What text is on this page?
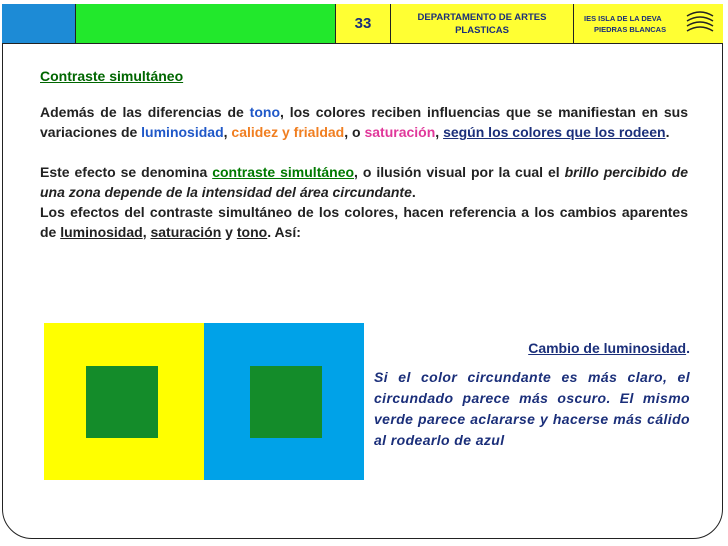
33	DEPARTAMENTO DE ARTES
PLASTICAS
IES ISLA DE LA DEVA
PIEDRAS BLANCAS
Contraste simultáneo

Además de las diferencias de tono, los colores reciben influencias que se manifiestan en sus variaciones de luminosidad, calidez y frialdad, o saturación, según los colores que los rodeen.

Este efecto se denomina contraste simultáneo, o ilusión visual por la cual el brillo percibido de una zona depende de la intensidad del área circundante.

Los efectos del contraste simultáneo de los colores, hacen referencia a los cambios aparentes de luminosidad, saturación y tono. Así:

Cambio de luminosidad.
Si el color circundante es más claro, el circundado parece más oscuro. El mismo verde parece aclararse y hacerse más cálido al rodearlo de azul
